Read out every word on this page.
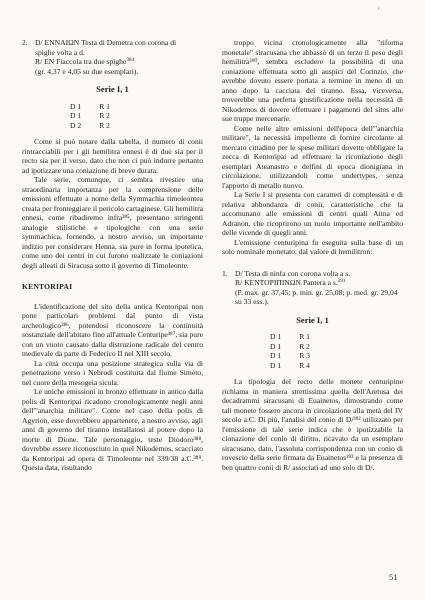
'
2. D/ ΕΝΝΑΙΩΝ Testa di Demetra con corona di
spighe volta a d.
R/ ΕΝ Fiaccola tra due spighe$^{384}$
(gr. 4,37 e 4,05 su due esemplari).
Serie I, 1
D 1	R 1
D 1	R 2
D 2	R 2

Come si può notare dalla tabella, il numero di conii rintracciabili per i gli hemilitra ennesi è di due sia per il recto sia per il verso, dato che non ci può indurre pertanto ad ipotizzare una coniazione di breve durata.

Tale serie, comunque, ci sembra rivestire una straordinaria importanza per la comprensione delle emissioni effettuate a nome della Symmachia timoleontea creata per fronteggiare il pericolo cartaginese. Gli hemilitra ennesi, come ribadiremo infra³⁸⁵, presentano stringenti analogie stilistiche e tipologiche con una serie symmachica, fornendo, a nostro avviso, un importante indizio per considerare Henna, sia pure in forma ipotetica, come uno dei centri in cui furono realizzate le coniazioni degli alleati di Siracusa sotto il governo di Timoleonte.

KENTORIPAI

L'identificazione del sito della antica Kentoripai non pone particolari problemi dal punto di vista archeologico³⁸⁶, potendosi riconoscere la continuità sostanziale dell'abitato fino all'attuale Centuripe³⁸⁷, sia pure con un vuoto causato dalla distruzione radicale del centro medievale da parte di Federico II nel XIII secolo.

La città occupa una posizione strategica sulla via di penetrazione verso i Nebrodi costituita dal fiume Simeto, nel cuore della mesogeia sicula.

Le uniche emissioni in bronzo effettuate in antico dalla polis di Kentoripai ricadono cronologicamente negli anni dell'"anarchia militare". Come nel caso della polis di Agyrion, esse dovrebbero appartenere, a nostro avviso, agli anni di governo del tiranno installatosi al potere dopo la morte di Dione. Tale personaggio, teste Diodoro³⁸⁸, dovrebbe essere riconosciuto in quel Nikodemos, scacciato da Kentoripai ad opera di Timoleonte nel 339/38 a.C.³⁸⁹. Questa data, risultando

troppo vicina cronologicamente alla "riforma monetale" siracusana che abbassò di un terzo il peso degli hemilitra³⁹⁰, sembra escludere la possibilità di una coniazione effettuata sotto gli auspici del Corinzio, che avrebbe dovuto essere portata a termine in meno di un anno dopo la cacciata del tiranno. Essa, viceversa, troverebbe una perfetta giustificazione nella necessità di Nikodemos di dovere effettuare i pagamenti del sitos alle sue truppe mercenarie.

Come nelle altre emissioni dell'epoca dell'"anarchia militare", la necessità impellente di fornire circolante al mercato cittadino per le spese militari dovette obbligare la zecca di Kentoripai ad effettuare la riconiazione degli esemplari Ateanastro e delfini di epoca dionigiana in circolazione, utilizzandoli come undertypes, senza l'apporto di metallo nuovo.

La Serie I si presenta con caratteri di complessità e di relativa abbondanza di conii, caratteristiche che la accomunano alle emissioni di centri quali Aitna ed Adranon, che ricoprirono un ruolo importante nell'ambito delle vicende di quegli anni.

L'emissione centuripina fu eseguita sulla base di un solo nominale monetato, dal valore di hemilitron:

1. D/ Testa di ninfa con corona volta a s.
R/ ΚΕΝΤΟΡΙΠΙΝΩΝ Pantera a s.$^{391}$
(P. max. gr. 37,45; p. min. gr. 25,08; p. med. gr. 29,04 su 33 ess.).
Serie I, 1
D 1	R 1
D 1	R 2
D 1	R 3
D 1	R 4

La tipologia del recto delle monete centuripine richiama in maniera strettissima quella dell'Aretusa dei decadrammi siracusani di Euainetos, dimostrando come tali monete fossero ancora in circolazione alla metà del IV secolo a.C. Di più, l'analisi del conio di D/³⁹² utilizzato per l'emissione di tale serie indica che è ipotizzabile la clonazione del conio di diritto, ricavato da un esemplare siracusano, dato, l'assoluta corrispondenza con un conio di rovescio della serie firmata da Euainetos³⁹³ e la presenza di ben quattro conii di R/ associati ad uno solo di D/.

51
